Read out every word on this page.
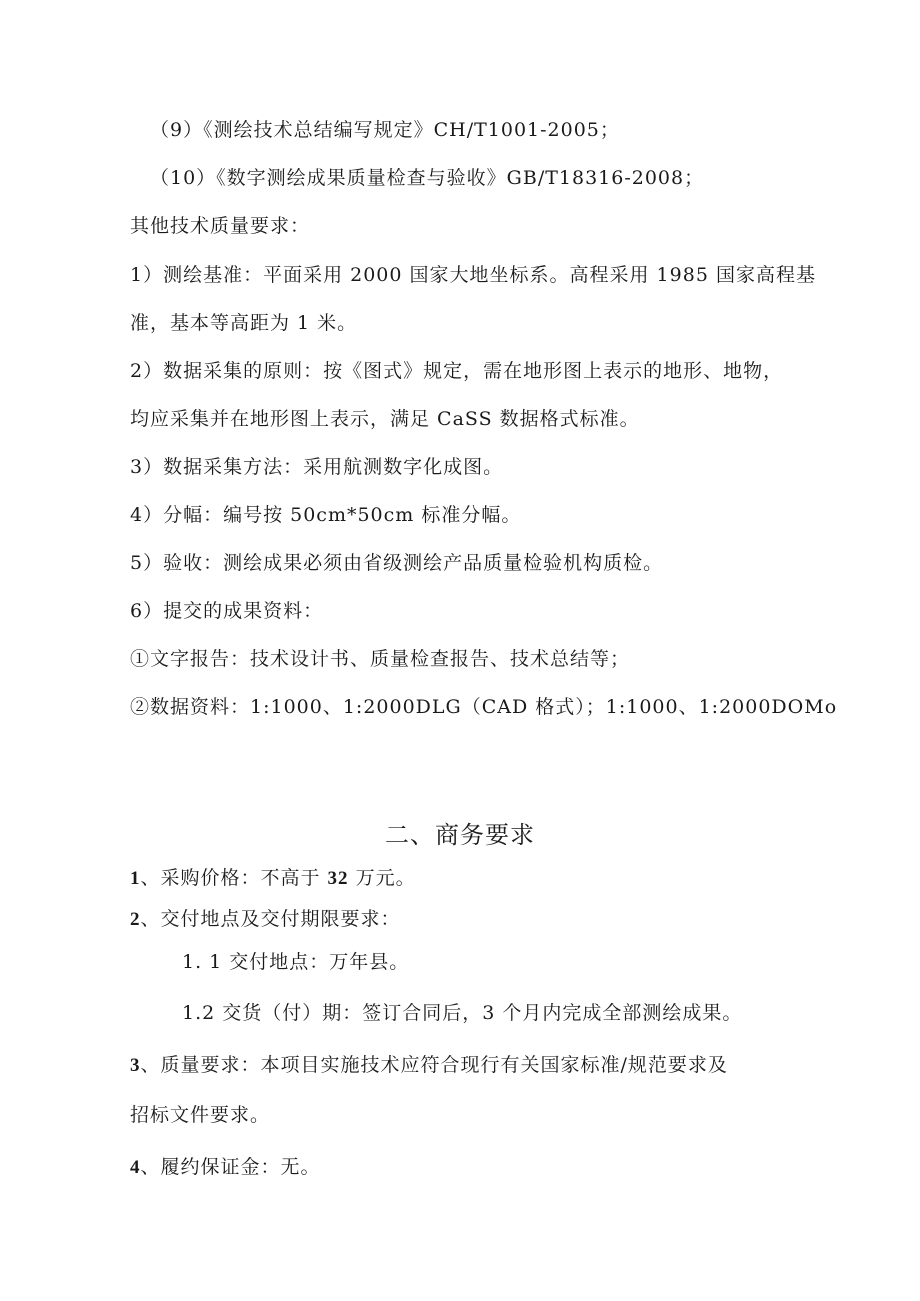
（9）《测绘技术总结编写规定》CH/T1001-2005；
（10）《数字测绘成果质量检查与验收》GB/T18316-2008；
其他技术质量要求：
1）测绘基准：平面采用 2000 国家大地坐标系。高程采用 1985 国家高程基
准，基本等高距为 1 米。
2）数据采集的原则：按《图式》规定，需在地形图上表示的地形、地物，
均应采集并在地形图上表示，满足 CaSS 数据格式标准。
3）数据采集方法：采用航测数字化成图。
4）分幅：编号按 50cm*50cm 标准分幅。
5）验收：测绘成果必须由省级测绘产品质量检验机构质检。
6）提交的成果资料：
①文字报告：技术设计书、质量检查报告、技术总结等；
②数据资料：1:1000、1:2000DLG（CAD 格式）；1:1000、1:2000DOMo
二、商务要求
1、采购价格：不高于 32 万元。
2、交付地点及交付期限要求：
1. 1 交付地点：万年县。
1.2 交货（付）期：签订合同后，3 个月内完成全部测绘成果。
3、质量要求：本项目实施技术应符合现行有关国家标准/规范要求及
招标文件要求。
4、履约保证金：无。
